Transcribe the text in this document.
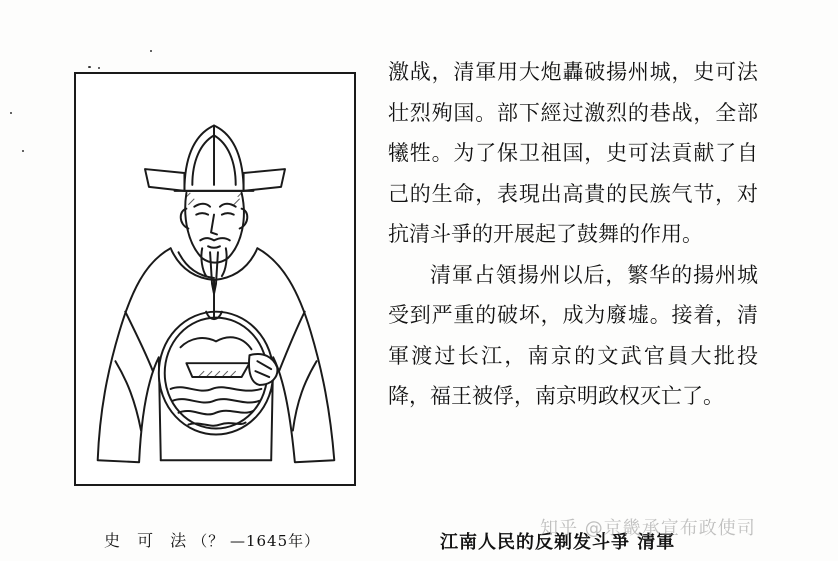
史 可 法（？ —1645年）

激战，清軍用大炮轟破揚州城，史可法壮烈殉国。部下經过激烈的巷战，全部犧牲。为了保卫祖国，史可法貢献了自己的生命，表現出高貴的民族气节，对抗清斗爭的开展起了鼓舞的作用。

清軍占領揚州以后，繁华的揚州城受到严重的破坏，成为廢墟。接着，清軍渡过长江，南京的文武官員大批投降，福王被俘，南京明政权灭亡了。

江南人民的反剃发斗爭 清軍
知乎 @京畿承宣布政使司
